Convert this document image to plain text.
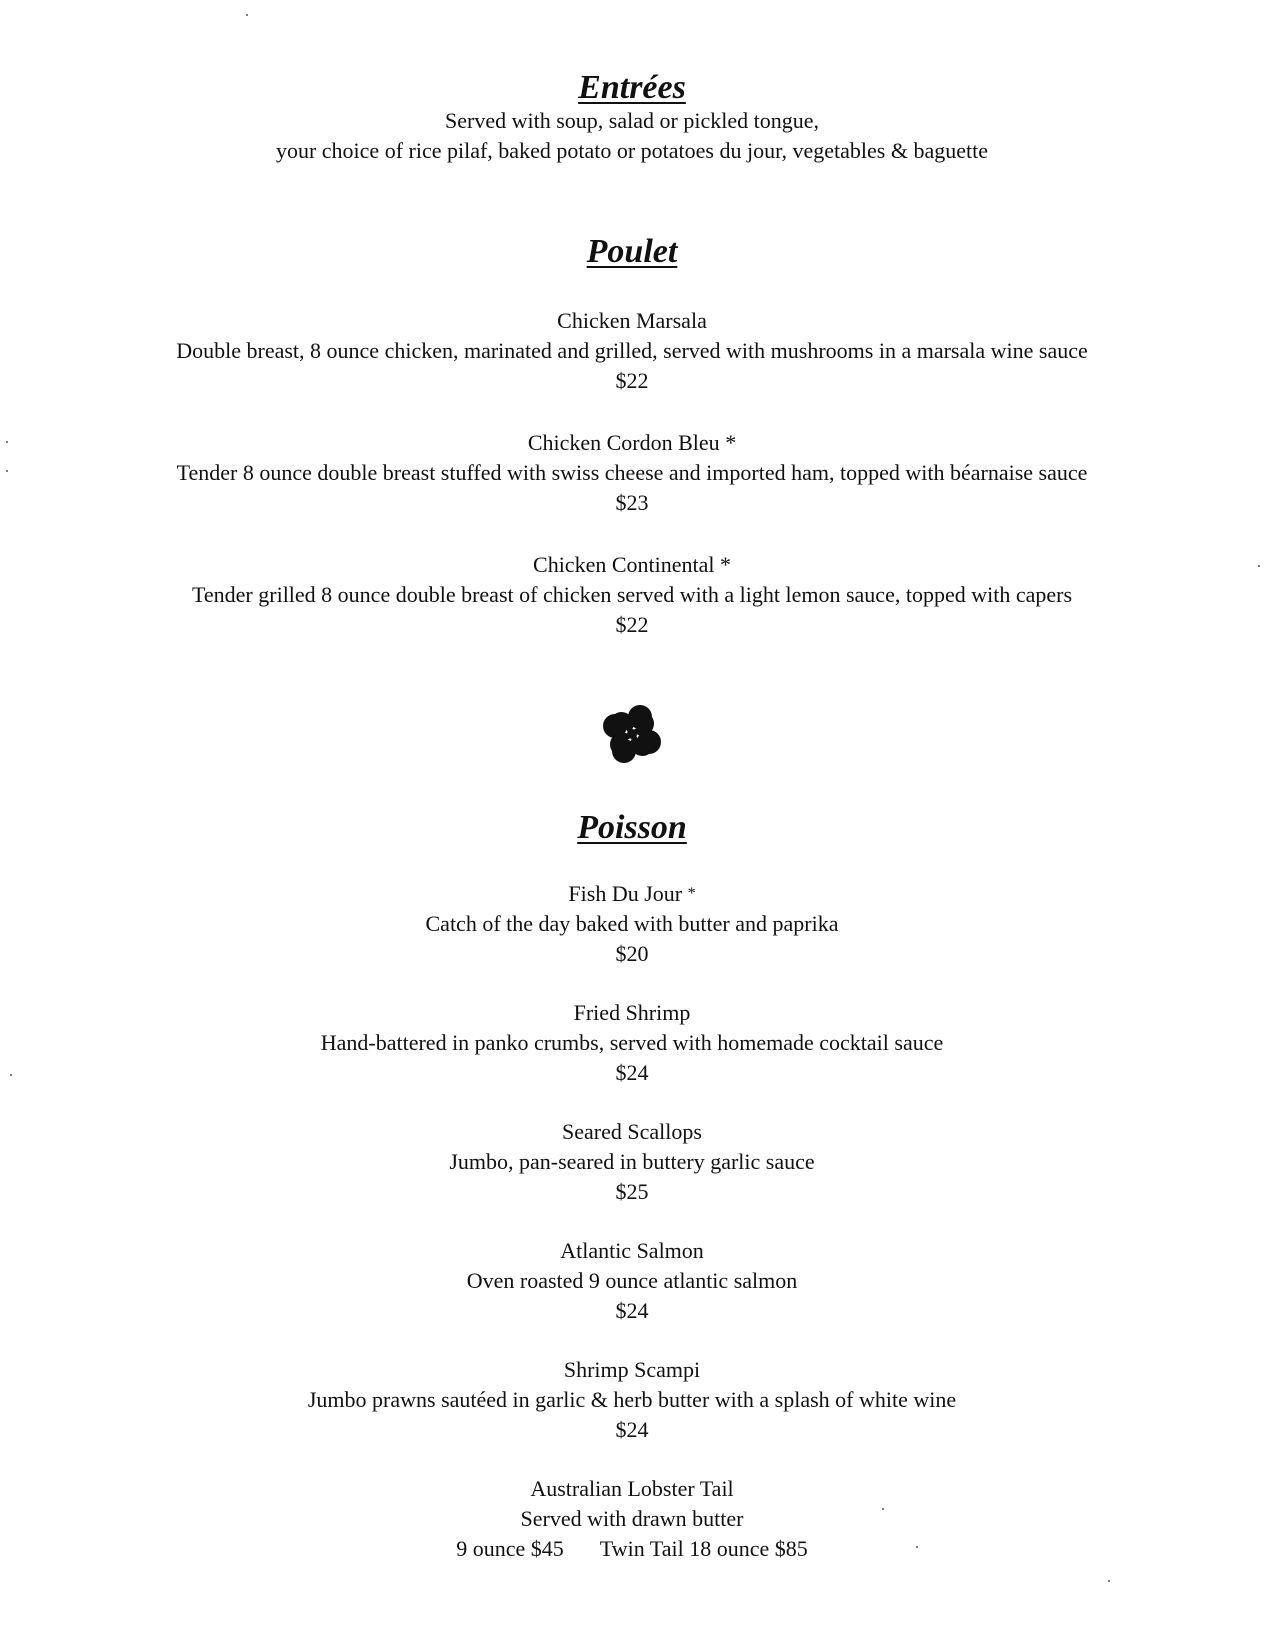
Entrées

Served with soup, salad or pickled tongue,

your choice of rice pilaf, baked potato or potatoes du jour, vegetables & baguette

Poulet

Chicken Marsala

Double breast, 8 ounce chicken, marinated and grilled, served with mushrooms in a marsala wine sauce

$22

Chicken Cordon Bleu *

Tender 8 ounce double breast stuffed with swiss cheese and imported ham, topped with béarnaise sauce

$23

Chicken Continental *

Tender grilled 8 ounce double breast of chicken served with a light lemon sauce, topped with capers

$22

Poisson

Fish Du Jour *

Catch of the day baked with butter and paprika

$20

Fried Shrimp

Hand-battered in panko crumbs, served with homemade cocktail sauce

$24

Seared Scallops

Jumbo, pan-seared in buttery garlic sauce

$25

Atlantic Salmon

Oven roasted 9 ounce atlantic salmon

$24

Shrimp Scampi

Jumbo prawns sautéed in garlic & herb butter with a splash of white wine

$24

Australian Lobster Tail

Served with drawn butter

9 ounce $45 Twin Tail 18 ounce $85
